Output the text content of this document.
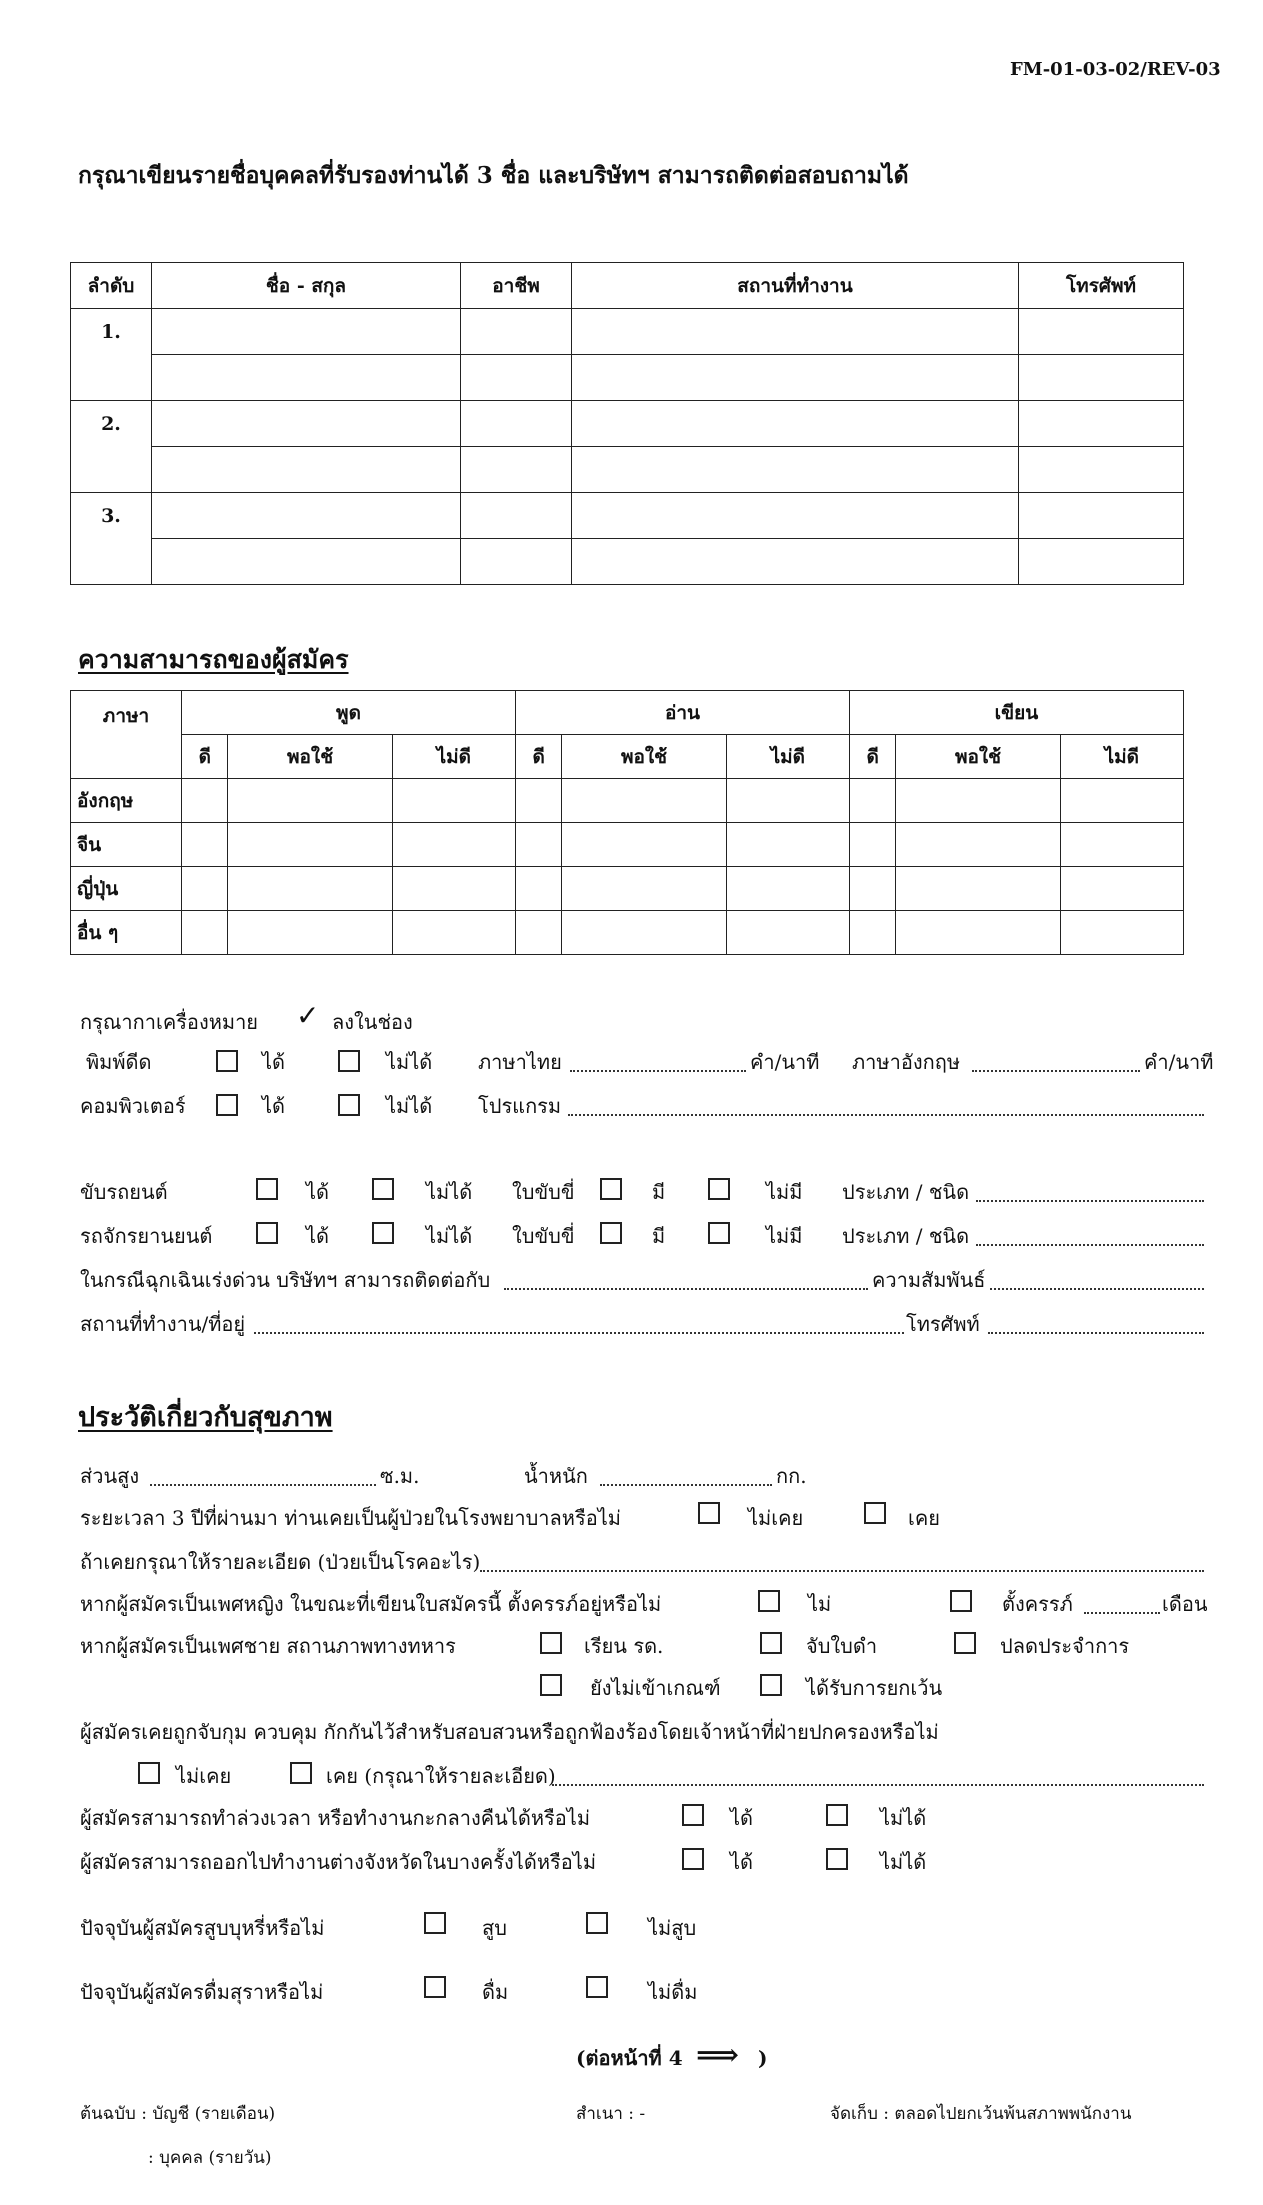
FM-01-03-02/REV-03
กรุณาเขียนรายชื่อบุคคลที่รับรองท่านได้ 3 ชื่อ และบริษัทฯ สามารถติดต่อสอบถามได้
ลำดับ	ชื่อ - สกุล	อาชีพ	สถานที่ทำงาน	โทรศัพท์
1.				

2.				

3.				

ความสามารถของผู้สมัคร
ภาษา	พูด			อ่าน			เขียน		
	ดี	พอใช้	ไม่ดี	ดี	พอใช้	ไม่ดี	ดี	พอใช้	ไม่ดี
อังกฤษ									
จีน									
ญี่ปุ่น									
อื่น ๆ									
กรุณากาเครื่องหมาย ✓ ลงในช่อง
พิมพ์ดีด	ได้	ไม่ได้ ภาษาไทย	คำ/นาที ภาษาอังกฤษ	คำ/นาที
คอมพิวเตอร์	ได้	ไม่ได้ โปรแกรม
ขับรถยนต์	ได้	ไม่ได้ ใบขับขี่	มี	ไม่มี ประเภท / ชนิด
รถจักรยานยนต์	ได้	ไม่ได้ ใบขับขี่	มี	ไม่มี ประเภท / ชนิด
ในกรณีฉุกเฉินเร่งด่วน บริษัทฯ สามารถติดต่อกับ	ความสัมพันธ์
สถานที่ทำงาน/ที่อยู่	โทรศัพท์
ประวัติเกี่ยวกับสุขภาพ
ส่วนสูง	ซ.ม.	น้ำหนัก	กก.
ระยะเวลา 3 ปีที่ผ่านมา ท่านเคยเป็นผู้ป่วยในโรงพยาบาลหรือไม่	ไม่เคย	เคย
ถ้าเคยกรุณาให้รายละเอียด (ป่วยเป็นโรคอะไร)
หากผู้สมัครเป็นเพศหญิง ในขณะที่เขียนใบสมัครนี้ ตั้งครรภ์อยู่หรือไม่	ไม่	ตั้งครรภ์	เดือน
หากผู้สมัครเป็นเพศชาย สถานภาพทางทหาร	เรียน รด.	จับใบดำ	ปลดประจำการ
ยังไม่เข้าเกณฑ์	ได้รับการยกเว้น
ผู้สมัครเคยถูกจับกุม ควบคุม กักกันไว้สำหรับสอบสวนหรือถูกฟ้องร้องโดยเจ้าหน้าที่ฝ่ายปกครองหรือไม่
ไม่เคย	เคย (กรุณาให้รายละเอียด)
ผู้สมัครสามารถทำล่วงเวลา หรือทำงานกะกลางคืนได้หรือไม่	ได้	ไม่ได้
ผู้สมัครสามารถออกไปทำงานต่างจังหวัดในบางครั้งได้หรือไม่	ได้	ไม่ได้
ปัจจุบันผู้สมัครสูบบุหรี่หรือไม่	สูบ	ไม่สูบ
ปัจจุบันผู้สมัครดื่มสุราหรือไม่	ดื่ม	ไม่ดื่ม
(ต่อหน้าที่ 4 ⟹ )
ต้นฉบับ : บัญชี (รายเดือน)
: บุคคล (รายวัน)
สำเนา : -	จัดเก็บ : ตลอดไปยกเว้นพ้นสภาพพนักงาน
